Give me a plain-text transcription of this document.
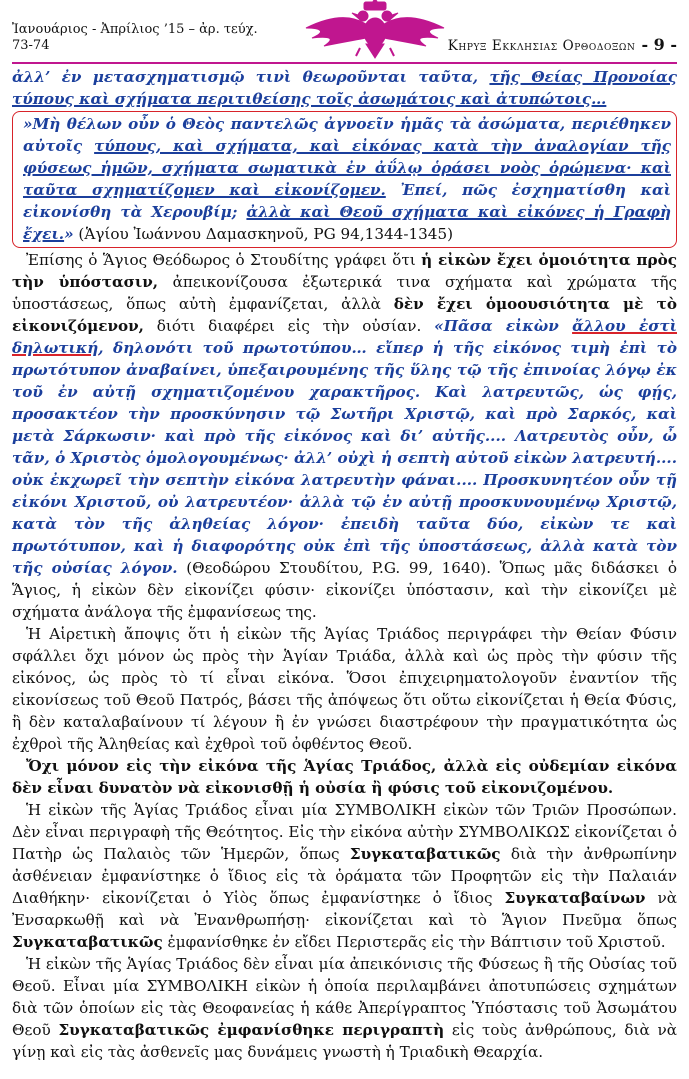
Ἰανουάριος - Ἀπρίλιος ’15 – ἀρ. τεύχ. 73-74	Κηρυξ Εκκλησιας Ορθοδοξων - 9 -

ἀλλ’ ἐν μετασχηματισμῷ τινὶ θεωροῦνται ταῦτα, τῆς Θείας Προνοίας τύπους καὶ σχήματα περιτιθείσης τοῖς ἀσωμάτοις καὶ ἀτυπώτοις…

»Μὴ θέλων οὖν ὁ Θεὸς παντελῶς ἀγνοεῖν ἡμᾶς τὰ ἀσώματα, περιέθηκεν αὐτοῖς τύπους, καὶ σχήματα, καὶ εἰκόνας κατὰ τὴν ἀναλογίαν τῆς φύσεως ἡμῶν, σχήματα σωματικὰ ἐν ἀΰλῳ ὁράσει νοὸς ὁρώμενα· καὶ ταῦτα σχηματίζομεν καὶ εἰκονίζομεν. Ἐπεί, πῶς ἐσχηματίσθη καὶ εἰκονίσθη τὰ Χερουβίμ; ἀλλὰ καὶ Θεοῦ σχήματα καὶ εἰκόνες ἡ Γραφὴ ἔχει.» (Ἁγίου Ἰωάννου Δαμασκηνοῦ, PG 94,1344-1345)

Ἐπίσης ὁ Ἅγιος Θεόδωρος ὁ Στουδίτης γράφει ὅτι ἡ εἰκὼν ἔχει ὁμοιότητα πρὸς τὴν ὑπόστασιν, ἀπεικονίζουσα ἐξωτερικά τινα σχήματα καὶ χρώματα τῆς ὑποστάσεως, ὅπως αὐτὴ ἐμφανίζεται, ἀλλὰ δὲν ἔχει ὁμοουσιότητα μὲ τὸ εἰκονιζόμενον, διότι διαφέρει εἰς τὴν οὐσίαν. «Πᾶσα εἰκὼν ἄλλου ἐστὶ δηλωτική, δηλονότι τοῦ πρωτοτύπου… εἴπερ ἡ τῆς εἰκόνος τιμὴ ἐπὶ τὸ πρωτότυπον ἀναβαίνει, ὑπεξαιρουμένης τῆς ὕλης τῷ τῆς ἐπινοίας λόγῳ ἐκ τοῦ ἐν αὐτῇ σχηματιζομένου χαρακτῆρος. Καὶ λατρευτῶς, ὡς φῄς, προσακτέον τὴν προσκύνησιν τῷ Σωτῆρι Χριστῷ, καὶ πρὸ Σαρκός, καὶ μετὰ Σάρκωσιν· καὶ πρὸ τῆς εἰκόνος καὶ δι’ αὐτῆς.... Λατρευτὸς οὖν, ὦ τᾶν, ὁ Χριστὸς ὁμολογουμένως· ἀλλ’ οὐχὶ ἡ σεπτὴ αὐτοῦ εἰκὼν λατρευτή.... οὐκ ἐκχωρεῖ τὴν σεπτὴν εἰκόνα λατρευτὴν φάναι.... Προσκυνητέον οὖν τῇ εἰκόνι Χριστοῦ, οὐ λατρευτέον· ἀλλὰ τῷ ἐν αὐτῇ προσκυνουμένῳ Χριστῷ, κατὰ τὸν τῆς ἀληθείας λόγον· ἐπειδὴ ταῦτα δύο, εἰκὼν τε καὶ πρωτότυπον, καὶ ἡ διαφορότης οὐκ ἐπὶ τῆς ὑποστάσεως, ἀλλὰ κατὰ τὸν τῆς οὐσίας λόγον. (Θεοδώρου Στουδίτου, P.G. 99, 1640). Ὅπως μᾶς διδάσκει ὁ Ἅγιος, ἡ εἰκὼν δὲν εἰκονίζει φύσιν· εἰκονίζει ὑπόστασιν, καὶ τὴν εἰκονίζει μὲ σχήματα ἀνάλογα τῆς ἐμφανίσεως της.

Ἡ Αἱρετικὴ ἄποψις ὅτι ἡ εἰκὼν τῆς Ἁγίας Τριάδος περιγράφει τὴν Θείαν Φύσιν σφάλλει ὄχι μόνον ὡς πρὸς τὴν Ἁγίαν Τριάδα, ἀλλὰ καὶ ὡς πρὸς τὴν φύσιν τῆς εἰκόνος, ὡς πρὸς τὸ τί εἶναι εἰκόνα. Ὅσοι ἐπιχειρηματολογοῦν ἐναντίον τῆς εἰκονίσεως τοῦ Θεοῦ Πατρός, βάσει τῆς ἀπόψεως ὅτι οὕτω εἰκονίζεται ἡ Θεία Φύσις, ἢ δὲν καταλαβαίνουν τί λέγουν ἢ ἐν γνώσει διαστρέφουν τὴν πραγματικότητα ὡς ἐχθροὶ τῆς Ἀληθείας καὶ ἐχθροὶ τοῦ ὀφθέντος Θεοῦ.

Ὄχι μόνον εἰς τὴν εἰκόνα τῆς Ἁγίας Τριάδος, ἀλλὰ εἰς οὐδεμίαν εἰκόνα δὲν εἶναι δυνατὸν νὰ εἰκονισθῇ ἡ οὐσία ἢ φύσις τοῦ εἰκονιζομένου.

Ἡ εἰκὼν τῆς Ἁγίας Τριάδος εἶναι μία ΣΥΜΒΟΛΙΚΗ εἰκὼν τῶν Τριῶν Προσώπων. Δὲν εἶναι περιγραφὴ τῆς Θεότητος. Εἰς τὴν εἰκόνα αὐτὴν ΣΥΜΒΟΛΙΚΩΣ εἰκονίζεται ὁ Πατὴρ ὡς Παλαιὸς τῶν Ἡμερῶν, ὅπως Συγκαταβατικῶς διὰ τὴν ἀνθρωπίνην ἀσθένειαν ἐμφανίστηκε ὁ ἴδιος εἰς τὰ ὁράματα τῶν Προφητῶν εἰς τὴν Παλαιάν Διαθήκην· εἰκονίζεται ὁ Υἱὸς ὅπως ἐμφανίστηκε ὁ ἴδιος Συγκαταβαίνων νὰ Ἐνσαρκωθῇ καὶ νὰ Ἐνανθρωπήσῃ· εἰκονίζεται καὶ τὸ Ἅγιον Πνεῦμα ὅπως Συγκαταβατικῶς ἐμφανίσθηκε ἐν εἴδει Περιστερᾶς εἰς τὴν Βάπτισιν τοῦ Χριστοῦ.

Ἡ εἰκὼν τῆς Ἁγίας Τριάδος δὲν εἶναι μία ἀπεικόνισις τῆς Φύσεως ἢ τῆς Οὐσίας τοῦ Θεοῦ. Εἶναι μία ΣΥΜΒΟΛΙΚΗ εἰκὼν ἡ ὁποία περιλαμβάνει ἀποτυπώσεις σχημάτων διὰ τῶν ὁποίων εἰς τὰς Θεοφανείας ἡ κάθε Ἀπερίγραπτος Ὑπόστασις τοῦ Ἀσωμάτου Θεοῦ Συγκαταβατικῶς ἐμφανίσθηκε περιγραπτὴ εἰς τοὺς ἀνθρώπους, διὰ νὰ γίνῃ καὶ εἰς τὰς ἀσθενεῖς μας δυνάμεις γνωστὴ ἡ Τριαδικὴ Θεαρχία.
